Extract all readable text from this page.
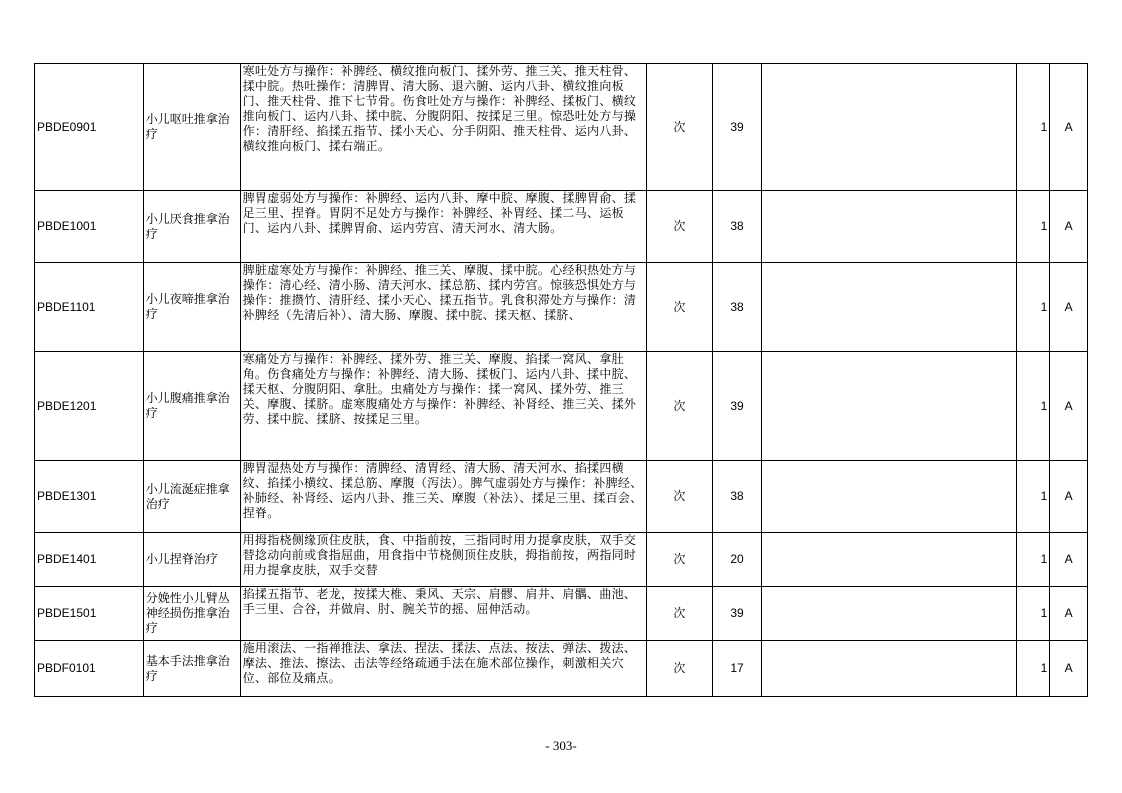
PBDE0901	小儿呕吐推拿治疗	寒吐处方与操作：补脾经、横纹推向板门、揉外劳、推三关、推天柱骨、揉中脘。热吐操作：清脾胃、清大肠、退六腑、运内八卦、横纹推向板门、推天柱骨、推下七节骨。伤食吐处方与操作：补脾经、揉板门、横纹推向板门、运内八卦、揉中脘、分腹阴阳、按揉足三里。惊恐吐处方与操作：清肝经、掐揉五指节、揉小天心、分手阴阳、推天柱骨、运内八卦、横纹推向板门、揉右端正。	次	39		1	A
PBDE1001	小儿厌食推拿治疗	脾胃虚弱处方与操作：补脾经、运内八卦、摩中脘、摩腹、揉脾胃俞、揉足三里、捏脊。胃阴不足处方与操作：补脾经、补胃经、揉二马、运板门、运内八卦、揉脾胃俞、运内劳宫、清天河水、清大肠。	次	38		1	A
PBDE1101	小儿夜啼推拿治疗	脾脏虚寒处方与操作：补脾经、推三关、摩腹、揉中脘。心经积热处方与操作：清心经、清小肠、清天河水、揉总筋、揉内劳宫。惊骇恐惧处方与操作：推攒竹、清肝经、揉小天心、揉五指节。乳食积滞处方与操作：清补脾经（先清后补）、清大肠、摩腹、揉中脘、揉天枢、揉脐、	次	38		1	A
PBDE1201	小儿腹痛推拿治疗	寒痛处方与操作：补脾经、揉外劳、推三关、摩腹、掐揉一窝风、拿肚角。伤食痛处方与操作：补脾经、清大肠、揉板门、运内八卦、揉中脘、揉天枢、分腹阴阳、拿肚。虫痛处方与操作：揉一窝风、揉外劳、推三关、摩腹、揉脐。虚寒腹痛处方与操作：补脾经、补肾经、推三关、揉外劳、揉中脘、揉脐、按揉足三里。	次	39		1	A
PBDE1301	小儿流涎症推拿治疗	脾胃湿热处方与操作：清脾经、清胃经、清大肠、清天河水、掐揉四横纹、掐揉小横纹、揉总筋、摩腹（泻法）。脾气虚弱处方与操作：补脾经、补肺经、补肾经、运内八卦、推三关、摩腹（补法）、揉足三里、揉百会、捏脊。	次	38		1	A
PBDE1401	小儿捏脊治疗	用拇指桡侧缘顶住皮肤，食、中指前按，三指同时用力提拿皮肤，双手交替捻动向前或食指屈曲，用食指中节桡侧顶住皮肤，拇指前按，两指同时用力提拿皮肤，双手交替	次	20		1	A
PBDE1501	分娩性小儿臂丛神经损伤推拿治疗	掐揉五指节、老龙，按揉大椎、秉风、天宗、肩髎、肩井、肩髃、曲池、手三里、合谷，并做肩、肘、腕关节的摇、屈伸活动。	次	39		1	A
PBDF0101	基本手法推拿治疗	施用滚法、一指禅推法、拿法、捏法、揉法、点法、按法、弹法、拨法、摩法、推法、擦法、击法等经络疏通手法在施术部位操作，刺激相关穴位、部位及痛点。	次	17		1	A
- 303-
